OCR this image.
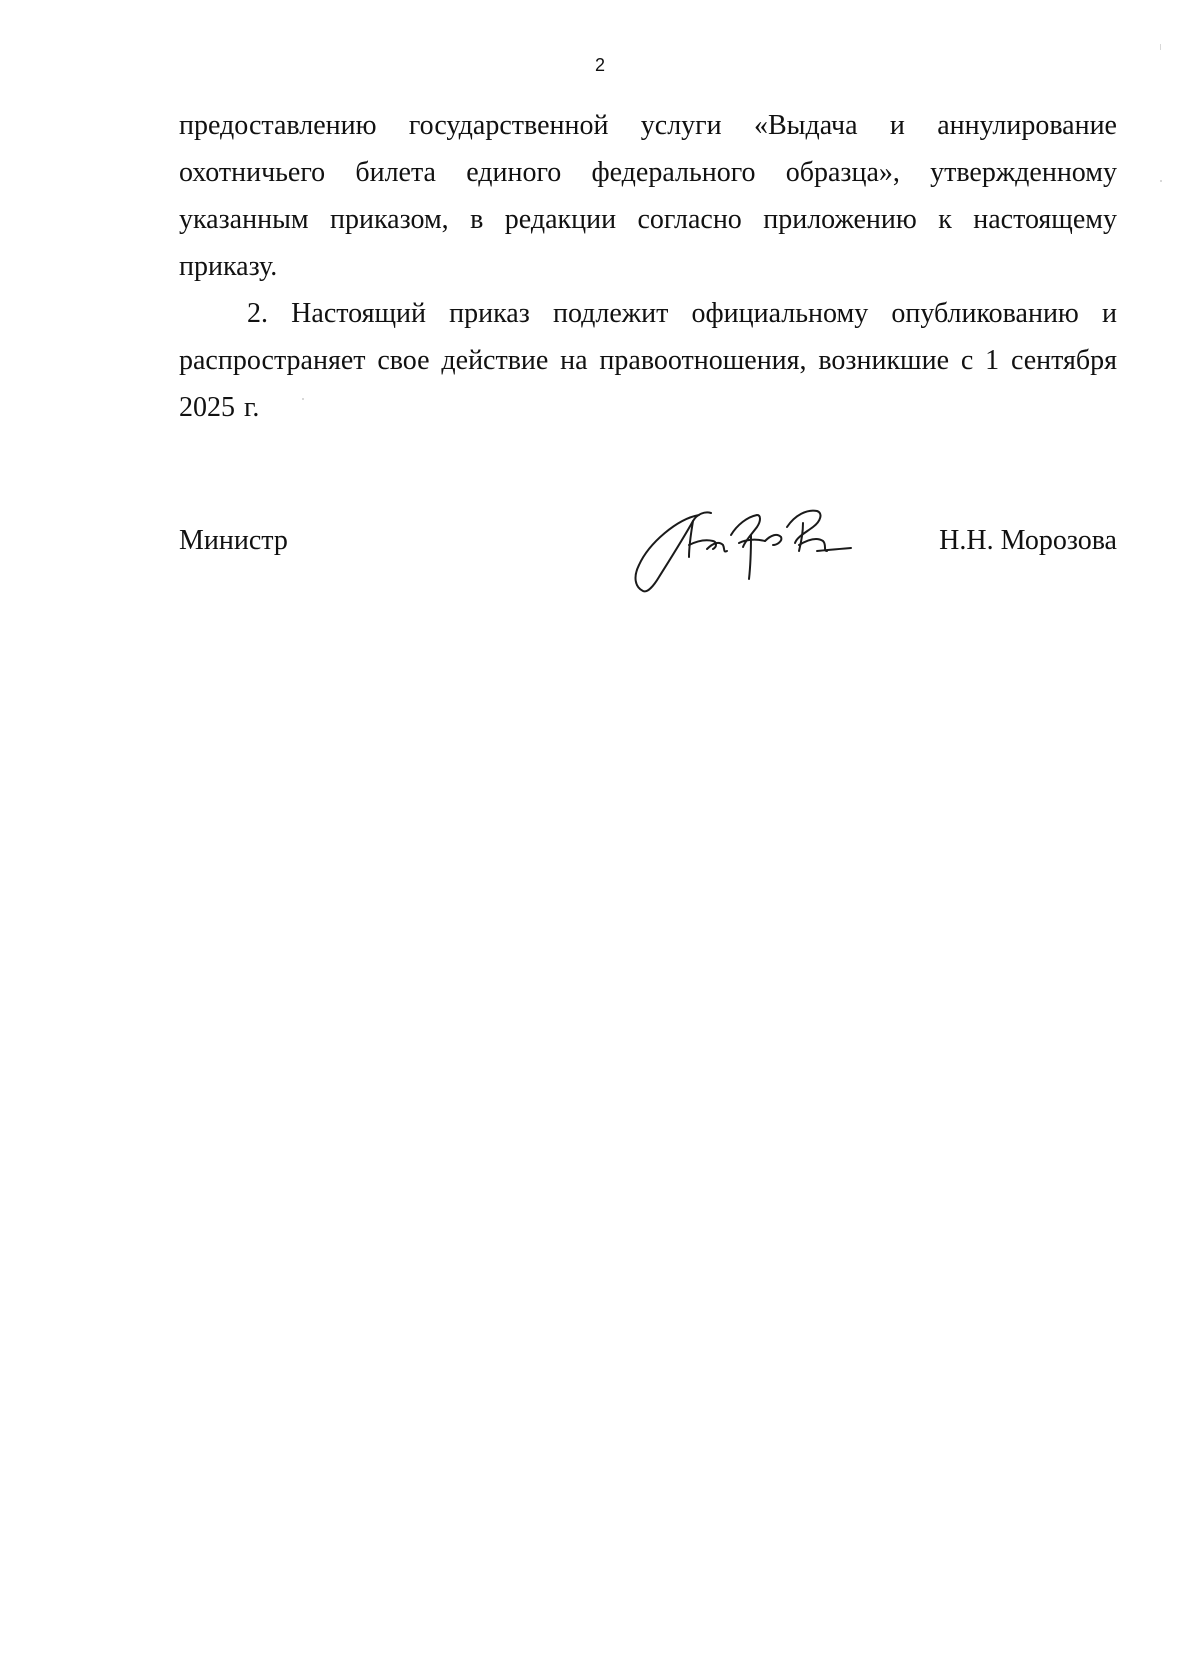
2

предоставлению государственной услуги «Выдача и аннулирование охотничьего билета единого федерального образца», утвержденному указанным приказом, в редакции согласно приложению к настоящему приказу.

2. Настоящий приказ подлежит официальному опубликованию и распространяет свое действие на правоотношения, возникшие с 1 сентября 2025 г.

Министр	Н.Н. Морозова
